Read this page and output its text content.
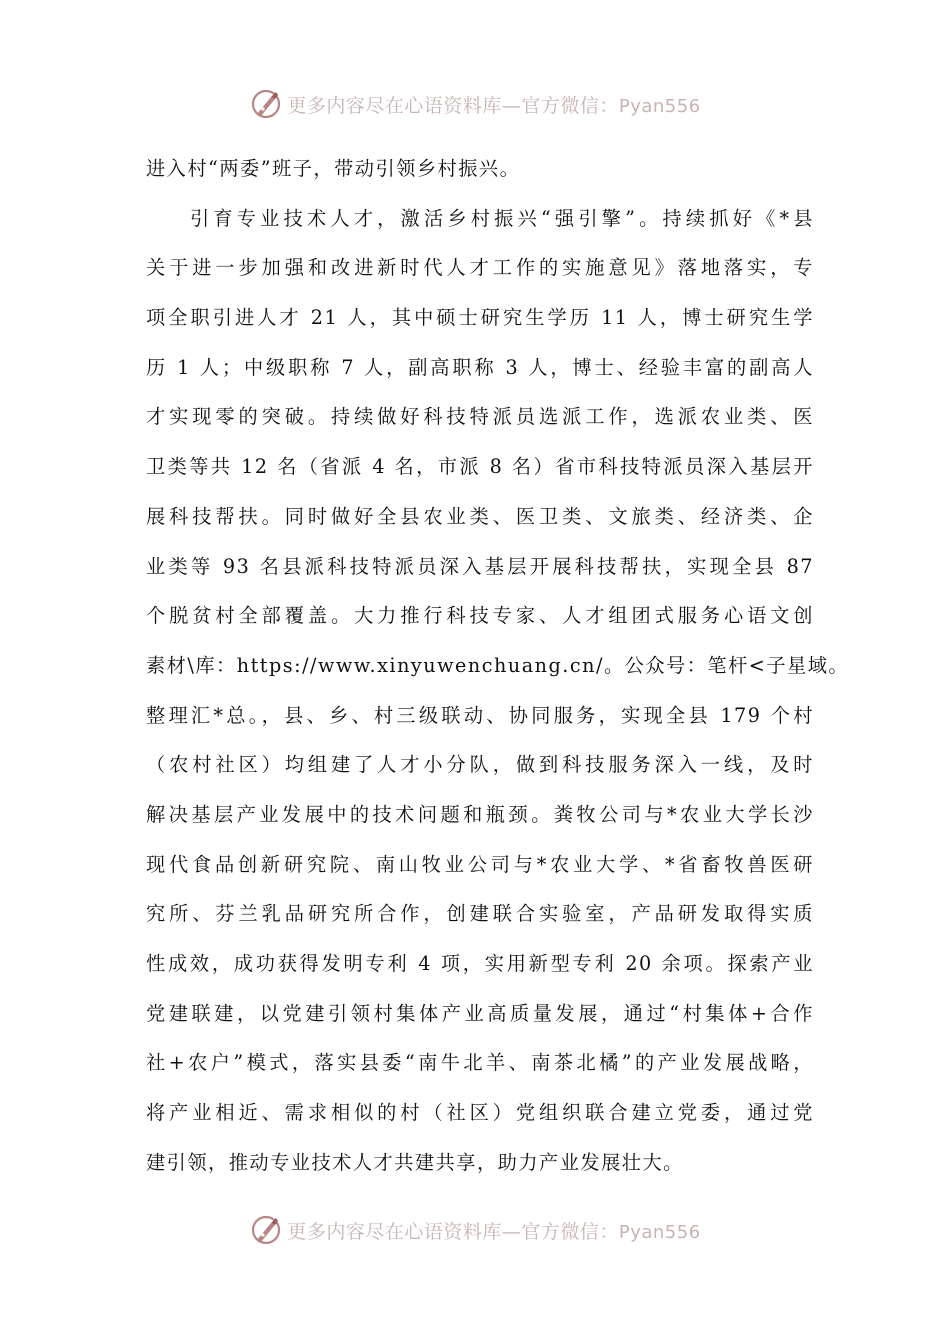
更多内容尽在心语资料库—官方微信：Pyan556
进入村“两委”班子，带动引领乡村振兴。
引育专业技术人才，激活乡村振兴“强引擎”。持续抓好《*县
关于进一步加强和改进新时代人才工作的实施意见》落地落实，专
项全职引进人才 21 人，其中硕士研究生学历 11 人，博士研究生学
历 1 人；中级职称 7 人，副高职称 3 人，博士、经验丰富的副高人
才实现零的突破。持续做好科技特派员选派工作，选派农业类、医
卫类等共 12 名（省派 4 名，市派 8 名）省市科技特派员深入基层开
展科技帮扶。同时做好全县农业类、医卫类、文旅类、经济类、企
业类等 93 名县派科技特派员深入基层开展科技帮扶，实现全县 87
个脱贫村全部覆盖。大力推行科技专家、人才组团式服务心语文创
素材\库：https://www.xinyuwenchuang.cn/。公众号：笔杆<子星域。
整理汇*总。，县、乡、村三级联动、协同服务，实现全县 179 个村
（农村社区）均组建了人才小分队，做到科技服务深入一线，及时
解决基层产业发展中的技术问题和瓶颈。粪牧公司与*农业大学长沙
现代食品创新研究院、南山牧业公司与*农业大学、*省畜牧兽医研
究所、芬兰乳品研究所合作，创建联合实验室，产品研发取得实质
性成效，成功获得发明专利 4 项，实用新型专利 20 余项。探索产业
党建联建，以党建引领村集体产业高质量发展，通过“村集体+合作
社+农户”模式，落实县委“南牛北羊、南茶北橘”的产业发展战略，
将产业相近、需求相似的村（社区）党组织联合建立党委，通过党
建引领，推动专业技术人才共建共享，助力产业发展壮大。
更多内容尽在心语资料库—官方微信：Pyan556
